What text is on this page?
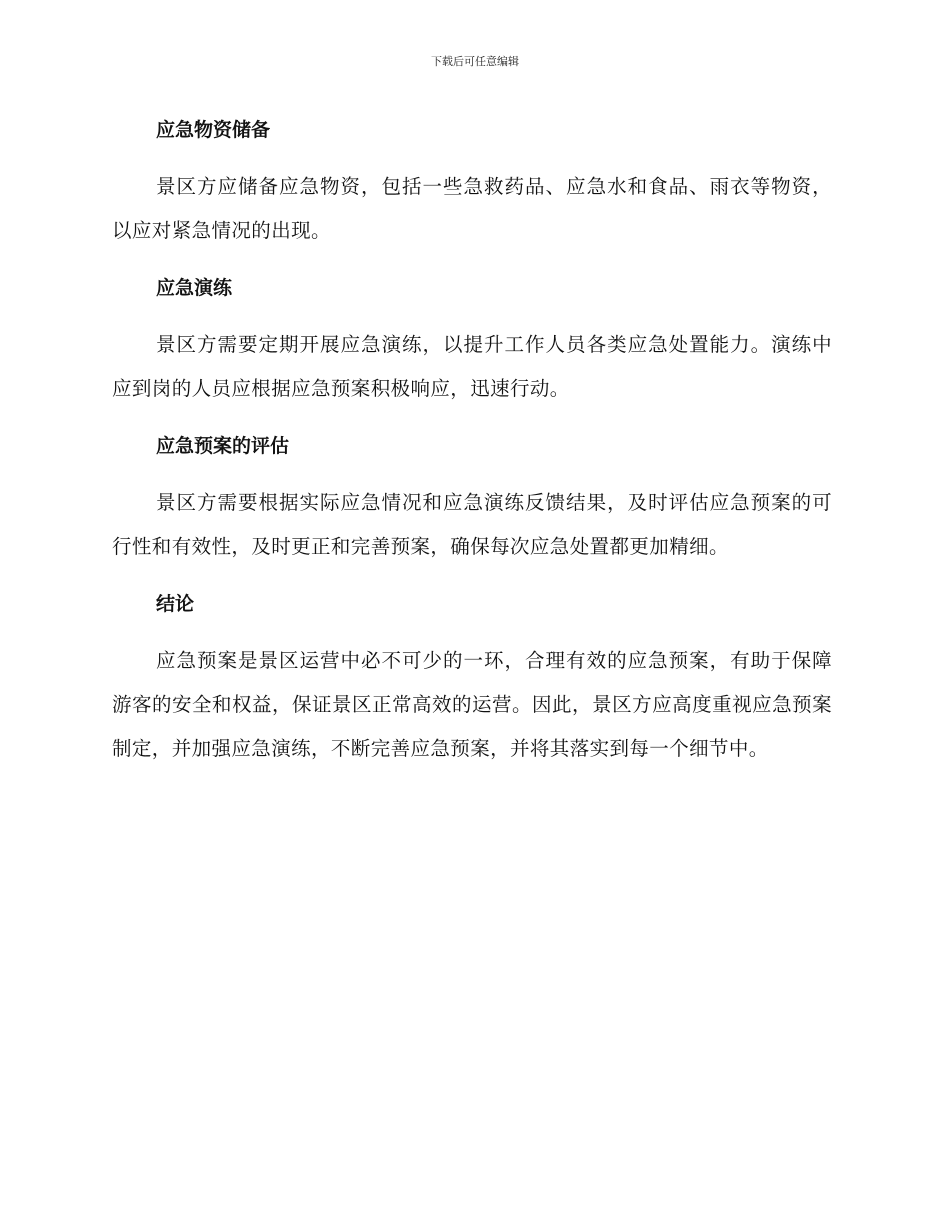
下载后可任意编辑
应急物资储备

景区方应储备应急物资，包括一些急救药品、应急水和食品、雨衣等物资，以应对紧急情况的出现。

应急演练

景区方需要定期开展应急演练，以提升工作人员各类应急处置能力。演练中应到岗的人员应根据应急预案积极响应，迅速行动。

应急预案的评估

景区方需要根据实际应急情况和应急演练反馈结果，及时评估应急预案的可行性和有效性，及时更正和完善预案，确保每次应急处置都更加精细。

结论

应急预案是景区运营中必不可少的一环，合理有效的应急预案，有助于保障游客的安全和权益，保证景区正常高效的运营。因此，景区方应高度重视应急预案制定，并加强应急演练，不断完善应急预案，并将其落实到每一个细节中。
